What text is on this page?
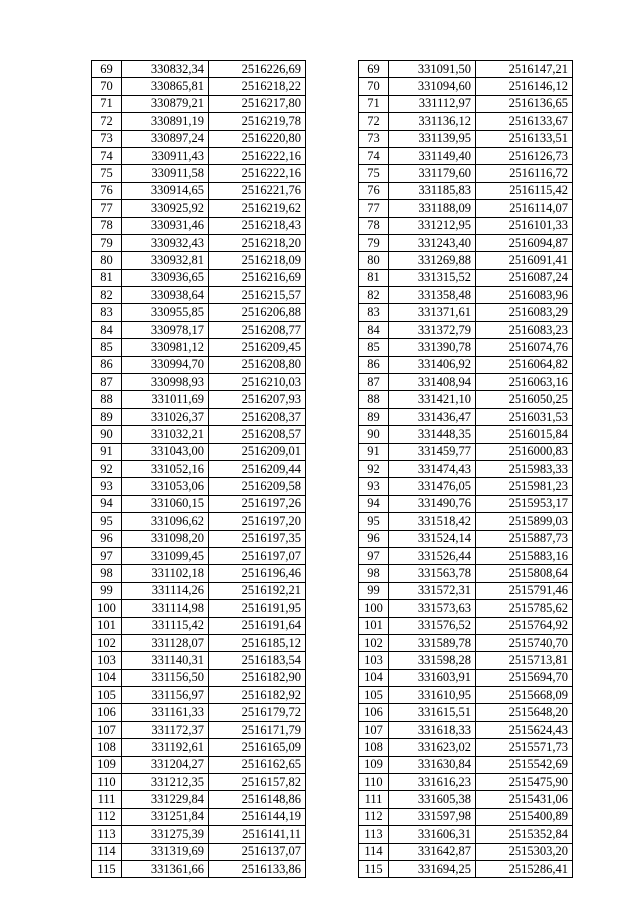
69	330832,34	2516226,69
70	330865,81	2516218,22
71	330879,21	2516217,80
72	330891,19	2516219,78
73	330897,24	2516220,80
74	330911,43	2516222,16
75	330911,58	2516222,16
76	330914,65	2516221,76
77	330925,92	2516219,62
78	330931,46	2516218,43
79	330932,43	2516218,20
80	330932,81	2516218,09
81	330936,65	2516216,69
82	330938,64	2516215,57
83	330955,85	2516206,88
84	330978,17	2516208,77
85	330981,12	2516209,45
86	330994,70	2516208,80
87	330998,93	2516210,03
88	331011,69	2516207,93
89	331026,37	2516208,37
90	331032,21	2516208,57
91	331043,00	2516209,01
92	331052,16	2516209,44
93	331053,06	2516209,58
94	331060,15	2516197,26
95	331096,62	2516197,20
96	331098,20	2516197,35
97	331099,45	2516197,07
98	331102,18	2516196,46
99	331114,26	2516192,21
100	331114,98	2516191,95
101	331115,42	2516191,64
102	331128,07	2516185,12
103	331140,31	2516183,54
104	331156,50	2516182,90
105	331156,97	2516182,92
106	331161,33	2516179,72
107	331172,37	2516171,79
108	331192,61	2516165,09
109	331204,27	2516162,65
110	331212,35	2516157,82
111	331229,84	2516148,86
112	331251,84	2516144,19
113	331275,39	2516141,11
114	331319,69	2516137,07
115	331361,66	2516133,86
69	331091,50	2516147,21
70	331094,60	2516146,12
71	331112,97	2516136,65
72	331136,12	2516133,67
73	331139,95	2516133,51
74	331149,40	2516126,73
75	331179,60	2516116,72
76	331185,83	2516115,42
77	331188,09	2516114,07
78	331212,95	2516101,33
79	331243,40	2516094,87
80	331269,88	2516091,41
81	331315,52	2516087,24
82	331358,48	2516083,96
83	331371,61	2516083,29
84	331372,79	2516083,23
85	331390,78	2516074,76
86	331406,92	2516064,82
87	331408,94	2516063,16
88	331421,10	2516050,25
89	331436,47	2516031,53
90	331448,35	2516015,84
91	331459,77	2516000,83
92	331474,43	2515983,33
93	331476,05	2515981,23
94	331490,76	2515953,17
95	331518,42	2515899,03
96	331524,14	2515887,73
97	331526,44	2515883,16
98	331563,78	2515808,64
99	331572,31	2515791,46
100	331573,63	2515785,62
101	331576,52	2515764,92
102	331589,78	2515740,70
103	331598,28	2515713,81
104	331603,91	2515694,70
105	331610,95	2515668,09
106	331615,51	2515648,20
107	331618,33	2515624,43
108	331623,02	2515571,73
109	331630,84	2515542,69
110	331616,23	2515475,90
111	331605,38	2515431,06
112	331597,98	2515400,89
113	331606,31	2515352,84
114	331642,87	2515303,20
115	331694,25	2515286,41
